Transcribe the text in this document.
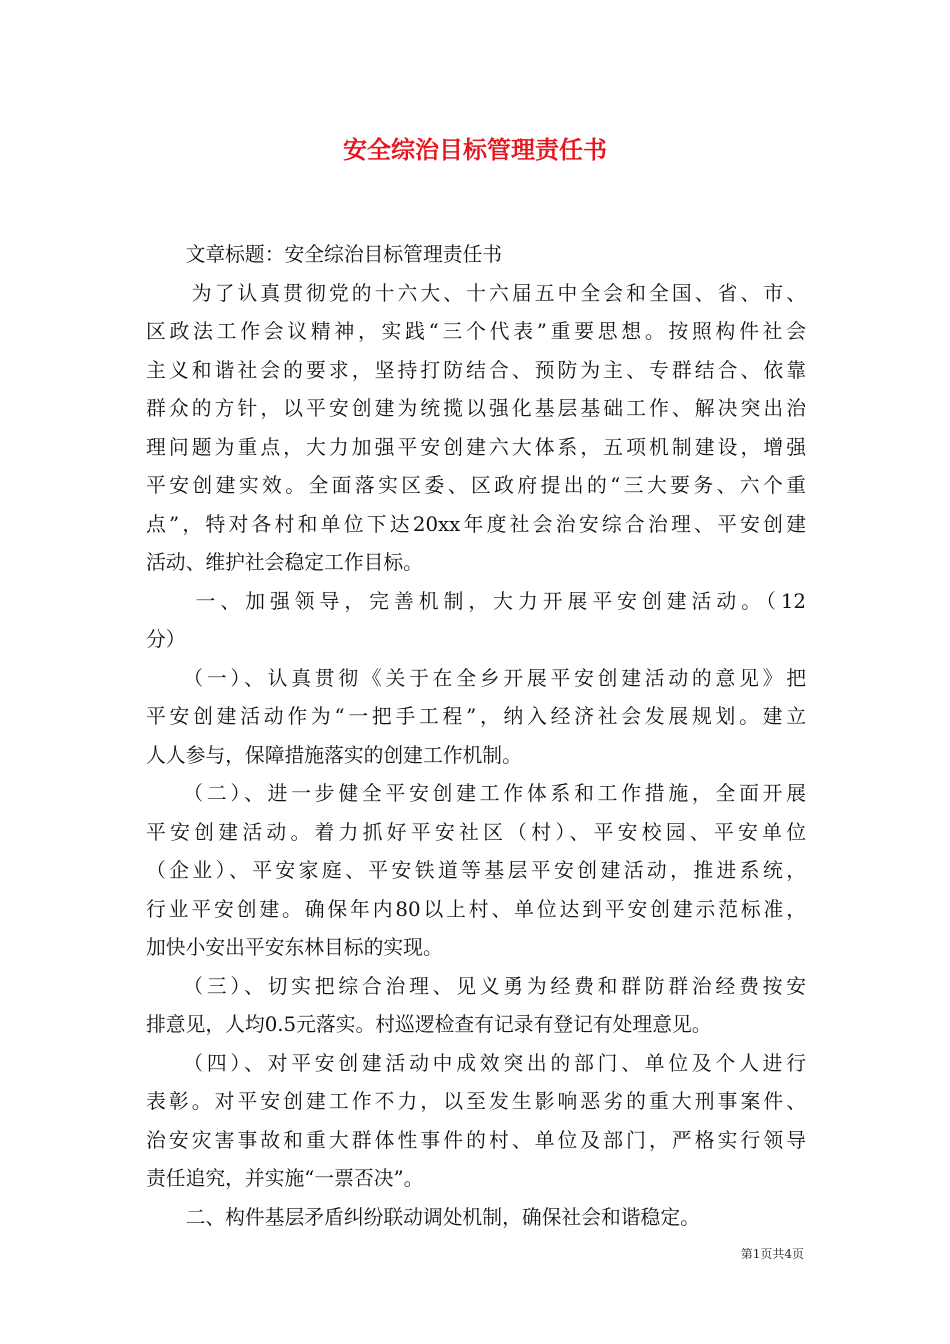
安全综治目标管理责任书
　　文章标题：安全综治目标管理责任书
　　为了认真贯彻党的十六大、十六届五中全会和全国、省、市、
区政法工作会议精神，实践“三个代表”重要思想。按照构件社会
主义和谐社会的要求，坚持打防结合、预防为主、专群结合、依靠
群众的方针，以平安创建为统揽以强化基层基础工作、解决突出治
理问题为重点，大力加强平安创建六大体系，五项机制建设，增强
平安创建实效。全面落实区委、区政府提出的“三大要务、六个重
点”，特对各村和单位下达20xx年度社会治安综合治理、平安创建
活动、维护社会稳定工作目标。
　　一、加强领导，完善机制，大力开展平安创建活动。（12
分）
　　（一）、认真贯彻《关于在全乡开展平安创建活动的意见》把
平安创建活动作为“一把手工程”，纳入经济社会发展规划。建立
人人参与，保障措施落实的创建工作机制。
　　（二）、进一步健全平安创建工作体系和工作措施，全面开展
平安创建活动。着力抓好平安社区（村）、平安校园、平安单位
（企业）、平安家庭、平安铁道等基层平安创建活动，推进系统，
行业平安创建。确保年内80以上村、单位达到平安创建示范标准，
加快小安出平安东林目标的实现。
　　（三）、切实把综合治理、见义勇为经费和群防群治经费按安
排意见，人均0.5元落实。村巡逻检查有记录有登记有处理意见。
　　（四）、对平安创建活动中成效突出的部门、单位及个人进行
表彰。对平安创建工作不力，以至发生影响恶劣的重大刑事案件、
治安灾害事故和重大群体性事件的村、单位及部门，严格实行领导
责任追究，并实施“一票否决”。
　　二、构件基层矛盾纠纷联动调处机制，确保社会和谐稳定。
第1页共4页
